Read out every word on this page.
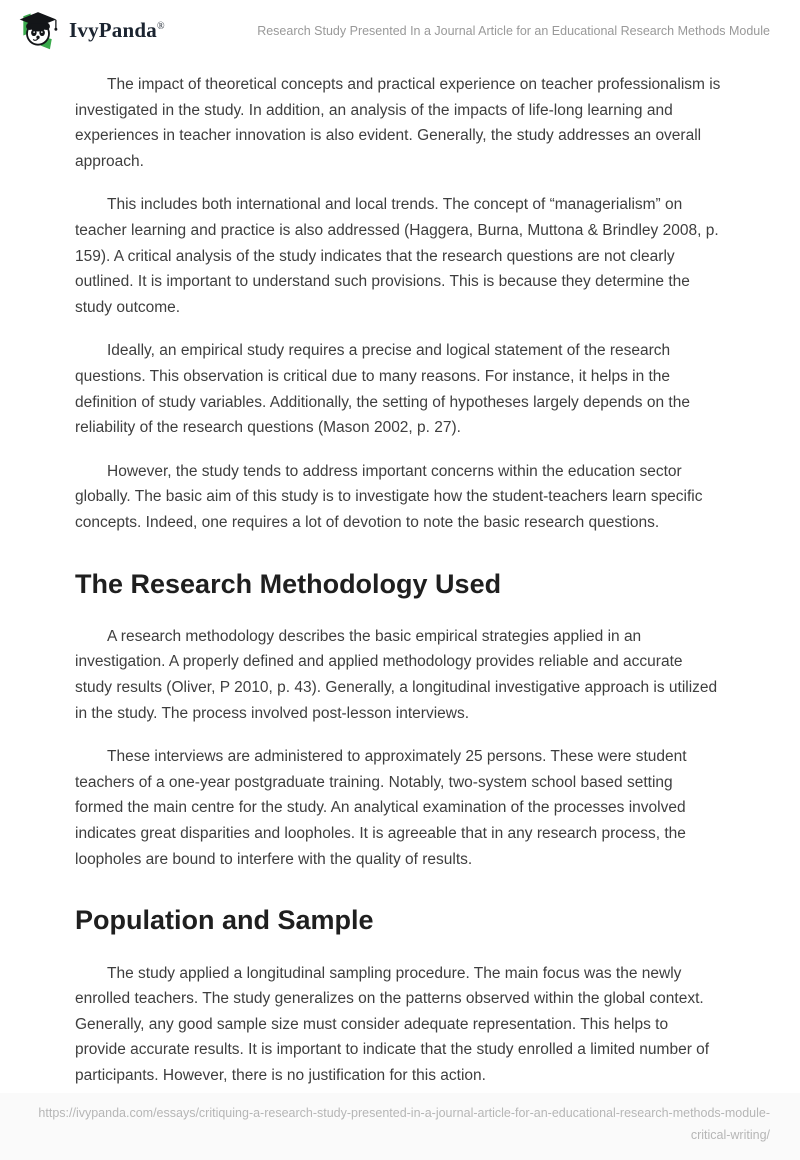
IvyPanda®	Research Study Presented In a Journal Article for an Educational Research Methods Module

The impact of theoretical concepts and practical experience on teacher professionalism is investigated in the study. In addition, an analysis of the impacts of life-long learning and experiences in teacher innovation is also evident. Generally, the study addresses an overall approach.

This includes both international and local trends. The concept of “managerialism” on teacher learning and practice is also addressed (Haggera, Burna, Muttona & Brindley 2008, p. 159). A critical analysis of the study indicates that the research questions are not clearly outlined. It is important to understand such provisions. This is because they determine the study outcome.

Ideally, an empirical study requires a precise and logical statement of the research questions. This observation is critical due to many reasons. For instance, it helps in the definition of study variables. Additionally, the setting of hypotheses largely depends on the reliability of the research questions (Mason 2002, p. 27).

However, the study tends to address important concerns within the education sector globally. The basic aim of this study is to investigate how the student-teachers learn specific concepts. Indeed, one requires a lot of devotion to note the basic research questions.

The Research Methodology Used

A research methodology describes the basic empirical strategies applied in an investigation. A properly defined and applied methodology provides reliable and accurate study results (Oliver, P 2010, p. 43). Generally, a longitudinal investigative approach is utilized in the study. The process involved post-lesson interviews.

These interviews are administered to approximately 25 persons. These were student teachers of a one-year postgraduate training. Notably, two-system school based setting formed the main centre for the study. An analytical examination of the processes involved indicates great disparities and loopholes. It is agreeable that in any research process, the loopholes are bound to interfere with the quality of results.

Population and Sample

The study applied a longitudinal sampling procedure. The main focus was the newly enrolled teachers. The study generalizes on the patterns observed within the global context. Generally, any good sample size must consider adequate representation. This helps to provide accurate results. It is important to indicate that the study enrolled a limited number of participants. However, there is no justification for this action.

https://ivypanda.com/essays/critiquing-a-research-study-presented-in-a-journal-article-for-an-educational-research-methods-module-critical-writing/
